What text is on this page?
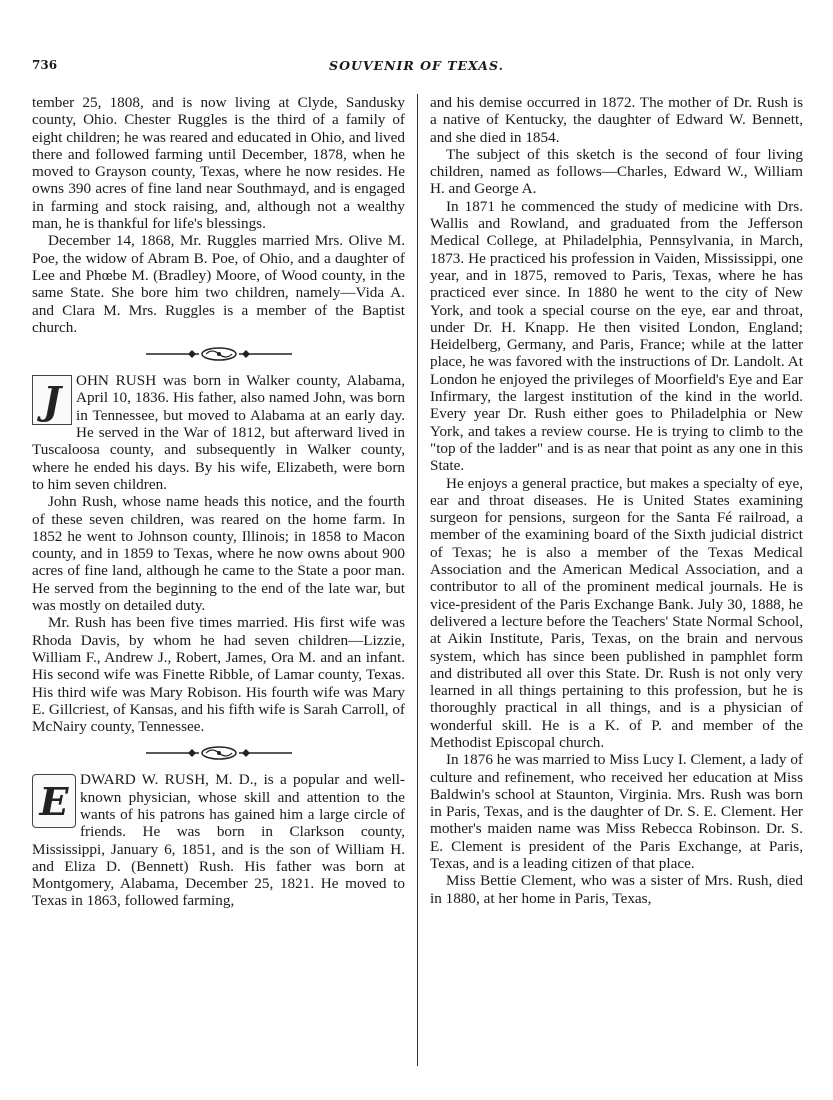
736	SOUVENIR OF TEXAS.

tember 25, 1808, and is now living at Clyde, Sandusky county, Ohio. Chester Ruggles is the third of a family of eight children; he was reared and educated in Ohio, and lived there and followed farming until December, 1878, when he moved to Grayson county, Texas, where he now resides. He owns 390 acres of fine land near Southmayd, and is engaged in farming and stock raising, and, although not a wealthy man, he is thankful for life's blessings.

December 14, 1868, Mr. Ruggles married Mrs. Olive M. Poe, the widow of Abram B. Poe, of Ohio, and a daughter of Lee and Phœbe M. (Bradley) Moore, of Wood county, in the same State. She bore him two children, namely—Vida A. and Clara M. Mrs. Ruggles is a member of the Baptist church.

J OHN RUSH was born in Walker county, Alabama, April 10, 1836. His father, also named John, was born in Tennessee, but moved to Alabama at an early day. He served in the War of 1812, but afterward lived in Tuscaloosa county, and subsequently in Walker county, where he ended his days. By his wife, Elizabeth, were born to him seven children.

John Rush, whose name heads this notice, and the fourth of these seven children, was reared on the home farm. In 1852 he went to Johnson county, Illinois; in 1858 to Macon county, and in 1859 to Texas, where he now owns about 900 acres of fine land, although he came to the State a poor man. He served from the beginning to the end of the late war, but was mostly on detailed duty.

Mr. Rush has been five times married. His first wife was Rhoda Davis, by whom he had seven children—Lizzie, William F., Andrew J., Robert, James, Ora M. and an infant. His second wife was Finette Ribble, of Lamar county, Texas. His third wife was Mary Robison. His fourth wife was Mary E. Gillcriest, of Kansas, and his fifth wife is Sarah Carroll, of McNairy county, Tennessee.

E DWARD W. RUSH, M. D., is a popular and well-known physician, whose skill and attention to the wants of his patrons has gained him a large circle of friends. He was born in Clarkson county, Mississippi, January 6, 1851, and is the son of William H. and Eliza D. (Bennett) Rush. His father was born at Montgomery, Alabama, December 25, 1821. He moved to Texas in 1863, followed farming,

and his demise occurred in 1872. The mother of Dr. Rush is a native of Kentucky, the daughter of Edward W. Bennett, and she died in 1854.

The subject of this sketch is the second of four living children, named as follows—Charles, Edward W., William H. and George A.

In 1871 he commenced the study of medicine with Drs. Wallis and Rowland, and graduated from the Jefferson Medical College, at Philadelphia, Pennsylvania, in March, 1873. He practiced his profession in Vaiden, Mississippi, one year, and in 1875, removed to Paris, Texas, where he has practiced ever since. In 1880 he went to the city of New York, and took a special course on the eye, ear and throat, under Dr. H. Knapp. He then visited London, England; Heidelberg, Germany, and Paris, France; while at the latter place, he was favored with the instructions of Dr. Landolt. At London he enjoyed the privileges of Moorfield's Eye and Ear Infirmary, the largest institution of the kind in the world. Every year Dr. Rush either goes to Philadelphia or New York, and takes a review course. He is trying to climb to the "top of the ladder" and is as near that point as any one in this State.

He enjoys a general practice, but makes a specialty of eye, ear and throat diseases. He is United States examining surgeon for pensions, surgeon for the Santa Fé railroad, a member of the examining board of the Sixth judicial district of Texas; he is also a member of the Texas Medical Association and the American Medical Association, and a contributor to all of the prominent medical journals. He is vice-president of the Paris Exchange Bank. July 30, 1888, he delivered a lecture before the Teachers' State Normal School, at Aikin Institute, Paris, Texas, on the brain and nervous system, which has since been published in pamphlet form and distributed all over this State. Dr. Rush is not only very learned in all things pertaining to this profession, but he is thoroughly practical in all things, and is a physician of wonderful skill. He is a K. of P. and member of the Methodist Episcopal church.

In 1876 he was married to Miss Lucy I. Clement, a lady of culture and refinement, who received her education at Miss Baldwin's school at Staunton, Virginia. Mrs. Rush was born in Paris, Texas, and is the daughter of Dr. S. E. Clement. Her mother's maiden name was Miss Rebecca Robinson. Dr. S. E. Clement is president of the Paris Exchange, at Paris, Texas, and is a leading citizen of that place.

Miss Bettie Clement, who was a sister of Mrs. Rush, died in 1880, at her home in Paris, Texas,
